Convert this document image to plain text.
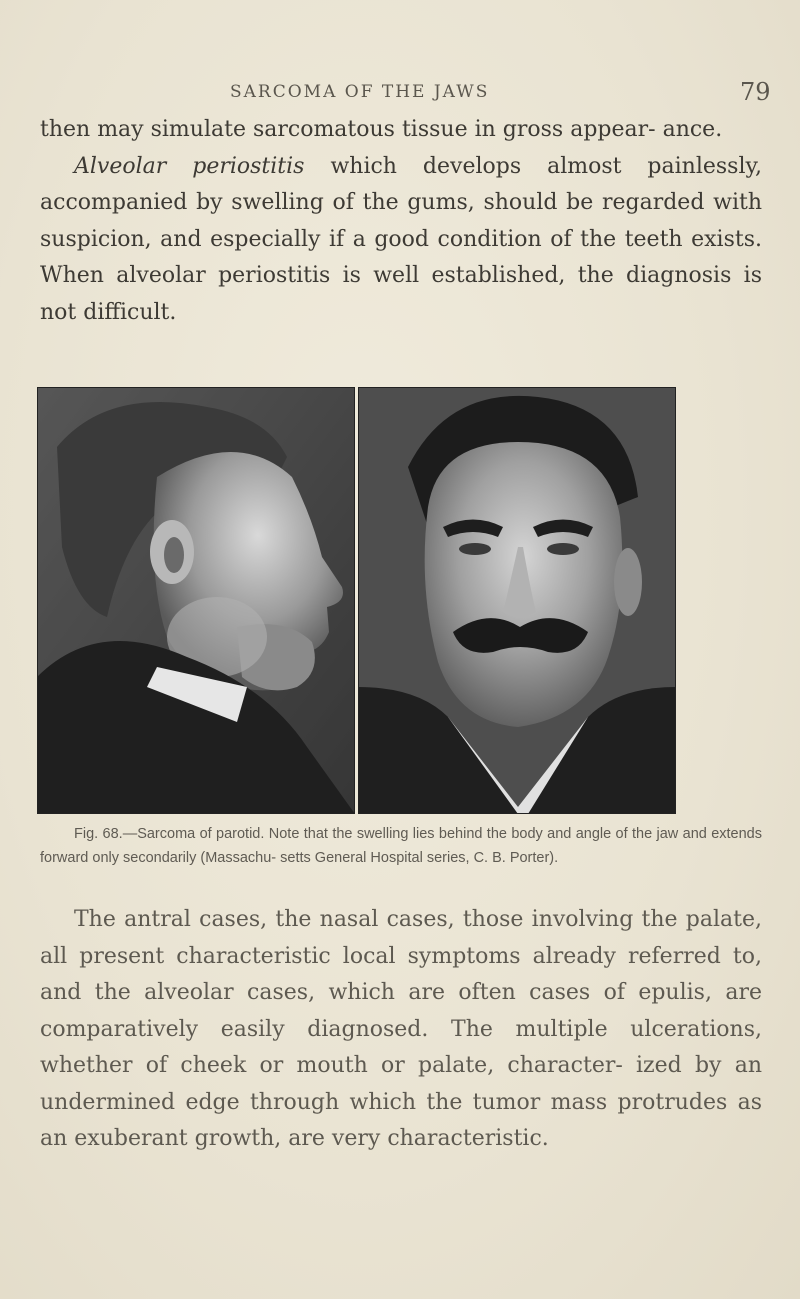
SARCOMA OF THE JAWS	79

then may simulate sarcomatous tissue in gross appear- ance.

Alveolar periostitis which develops almost painlessly, accompanied by swelling of the gums, should be regarded with suspicion, and especially if a good condition of the teeth exists. When alveolar periostitis is well established, the diagnosis is not difficult.

Fig. 68.—Sarcoma of parotid. Note that the swelling lies behind the body and angle of the jaw and extends forward only secondarily (Massachu- setts General Hospital series, C. B. Porter).

The antral cases, the nasal cases, those involving the palate, all present characteristic local symptoms already referred to, and the alveolar cases, which are often cases of epulis, are comparatively easily diagnosed. The multiple ulcerations, whether of cheek or mouth or palate, character- ized by an undermined edge through which the tumor mass protrudes as an exuberant growth, are very characteristic.
